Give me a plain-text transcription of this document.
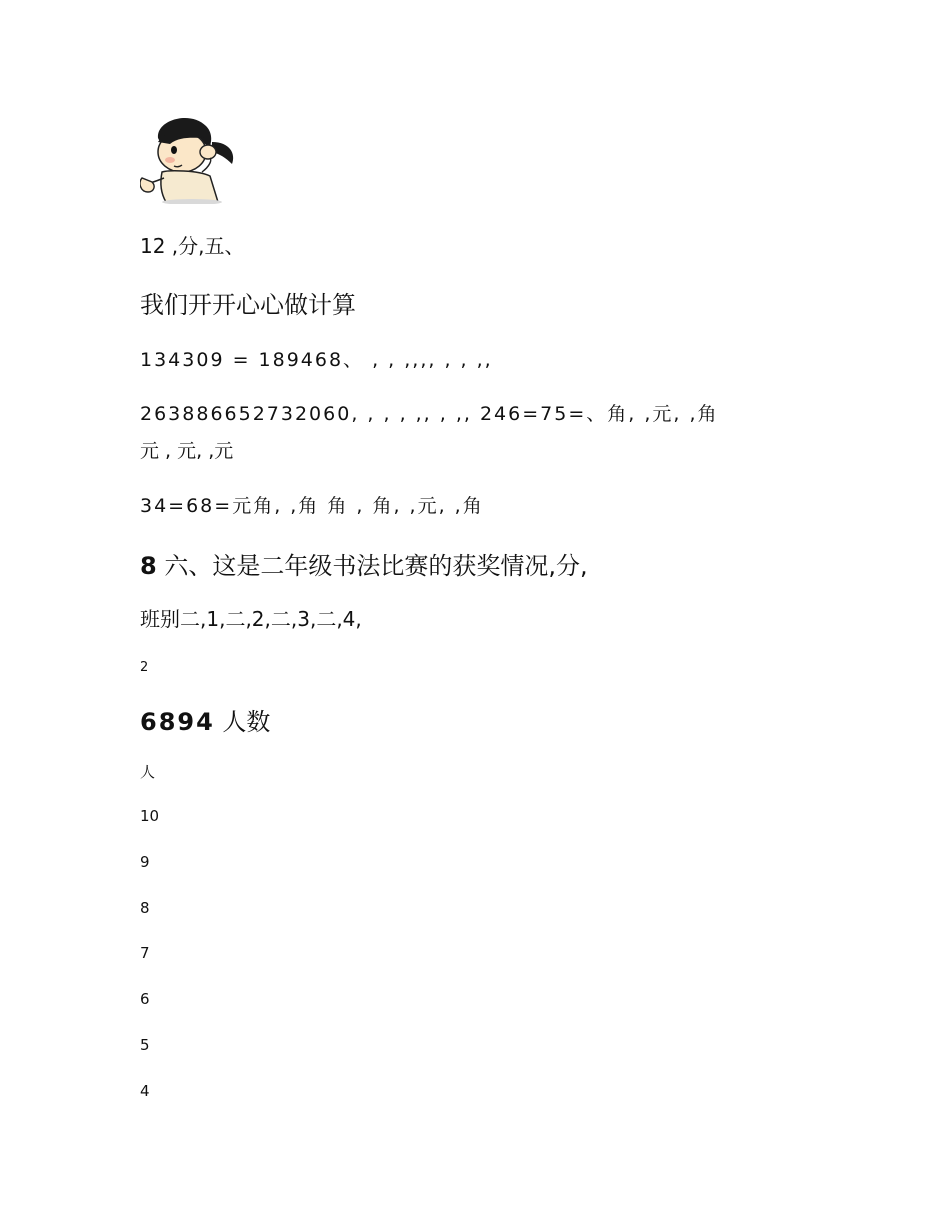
12 ,分,五、
我们开开心心做计算
134309 = 189468、 , , ,,,, , , ,,
263886652732060, , , , ,, , ,, 246=75=、角, ,元, ,角
元 , 元, ,元
34=68=元角, ,角 角 , 角, ,元, ,角
8 六、这是二年级书法比赛的获奖情况,分,
班别二,1,二,2,二,3,二,4,
2
6894 人数
人
10
9
8
7
6
5
4
